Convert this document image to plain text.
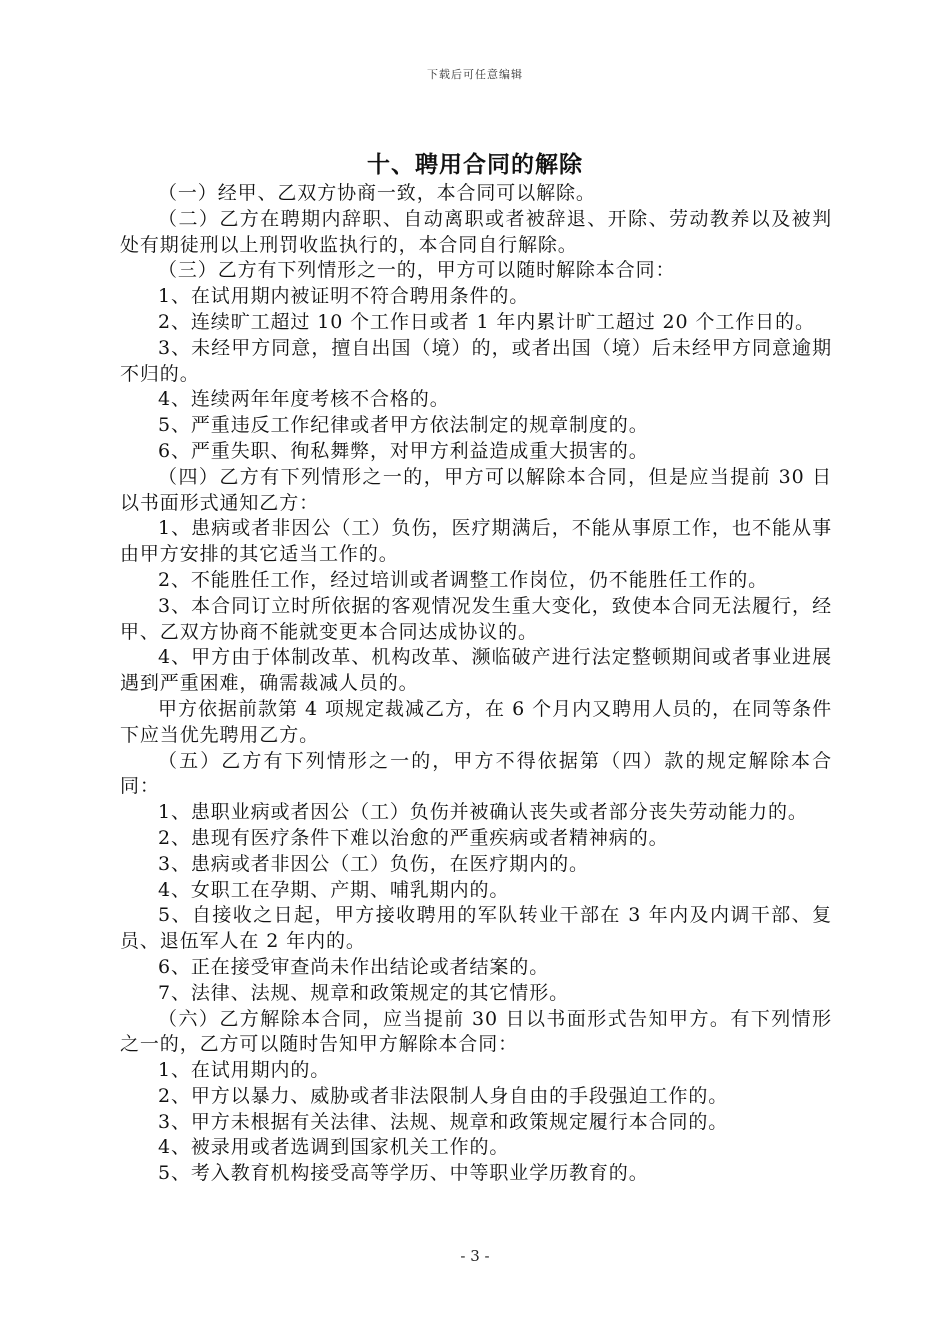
下载后可任意编辑
十、聘用合同的解除

（一）经甲、乙双方协商一致，本合同可以解除。

（二）乙方在聘期内辞职、自动离职或者被辞退、开除、劳动教养以及被判处有期徒刑以上刑罚收监执行的，本合同自行解除。

（三）乙方有下列情形之一的，甲方可以随时解除本合同：

1、在试用期内被证明不符合聘用条件的。

2、连续旷工超过 10 个工作日或者 1 年内累计旷工超过 20 个工作日的。

3、未经甲方同意，擅自出国（境）的，或者出国（境）后未经甲方同意逾期不归的。

4、连续两年年度考核不合格的。

5、严重违反工作纪律或者甲方依法制定的规章制度的。

6、严重失职、徇私舞弊，对甲方利益造成重大损害的。

（四）乙方有下列情形之一的，甲方可以解除本合同，但是应当提前 30 日以书面形式通知乙方：

1、患病或者非因公（工）负伤，医疗期满后，不能从事原工作，也不能从事由甲方安排的其它适当工作的。

2、不能胜任工作，经过培训或者调整工作岗位，仍不能胜任工作的。

3、本合同订立时所依据的客观情况发生重大变化，致使本合同无法履行，经甲、乙双方协商不能就变更本合同达成协议的。

4、甲方由于体制改革、机构改革、濒临破产进行法定整顿期间或者事业进展遇到严重困难，确需裁减人员的。

甲方依据前款第 4 项规定裁减乙方，在 6 个月内又聘用人员的，在同等条件下应当优先聘用乙方。

（五）乙方有下列情形之一的，甲方不得依据第（四）款的规定解除本合同：

1、患职业病或者因公（工）负伤并被确认丧失或者部分丧失劳动能力的。

2、患现有医疗条件下难以治愈的严重疾病或者精神病的。

3、患病或者非因公（工）负伤，在医疗期内的。

4、女职工在孕期、产期、哺乳期内的。

5、自接收之日起，甲方接收聘用的军队转业干部在 3 年内及内调干部、复员、退伍军人在 2 年内的。

6、正在接受审查尚未作出结论或者结案的。

7、法律、法规、规章和政策规定的其它情形。

（六）乙方解除本合同，应当提前 30 日以书面形式告知甲方。有下列情形之一的，乙方可以随时告知甲方解除本合同：

1、在试用期内的。

2、甲方以暴力、威胁或者非法限制人身自由的手段强迫工作的。

3、甲方未根据有关法律、法规、规章和政策规定履行本合同的。

4、被录用或者选调到国家机关工作的。

5、考入教育机构接受高等学历、中等职业学历教育的。

- 3 -
